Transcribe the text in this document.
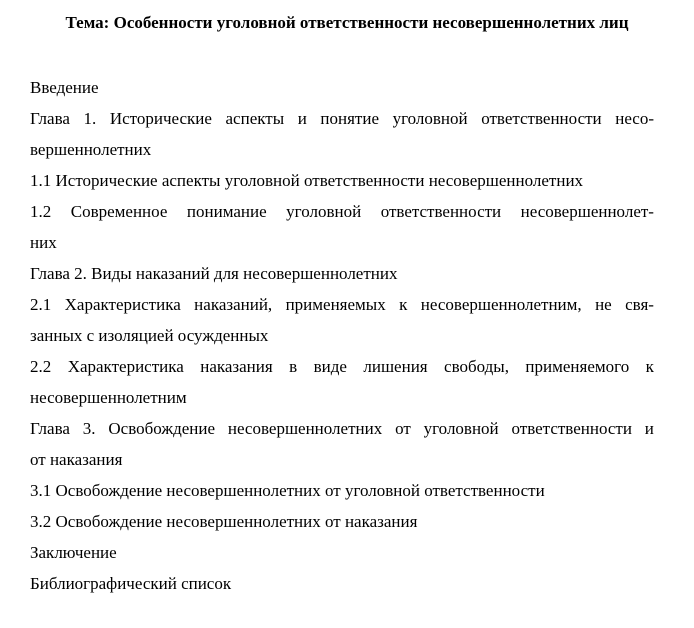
Тема: Особенности уголовной ответственности несовершеннолетних лиц
Введение
Глава 1. Исторические аспекты и понятие уголовной ответственности несо-
вершеннолетних
1.1 Исторические аспекты уголовной ответственности несовершеннолетних
1.2 Современное понимание уголовной ответственности несовершеннолет-
них
Глава 2. Виды наказаний для несовершеннолетних
2.1 Характеристика наказаний, применяемых к несовершеннолетним, не свя-
занных с изоляцией осужденных
2.2 Характеристика наказания в виде лишения свободы, применяемого к
несовершеннолетним
Глава 3. Освобождение несовершеннолетних от уголовной ответственности и
от наказания
3.1 Освобождение несовершеннолетних от уголовной ответственности
3.2 Освобождение несовершеннолетних от наказания
Заключение
Библиографический список
